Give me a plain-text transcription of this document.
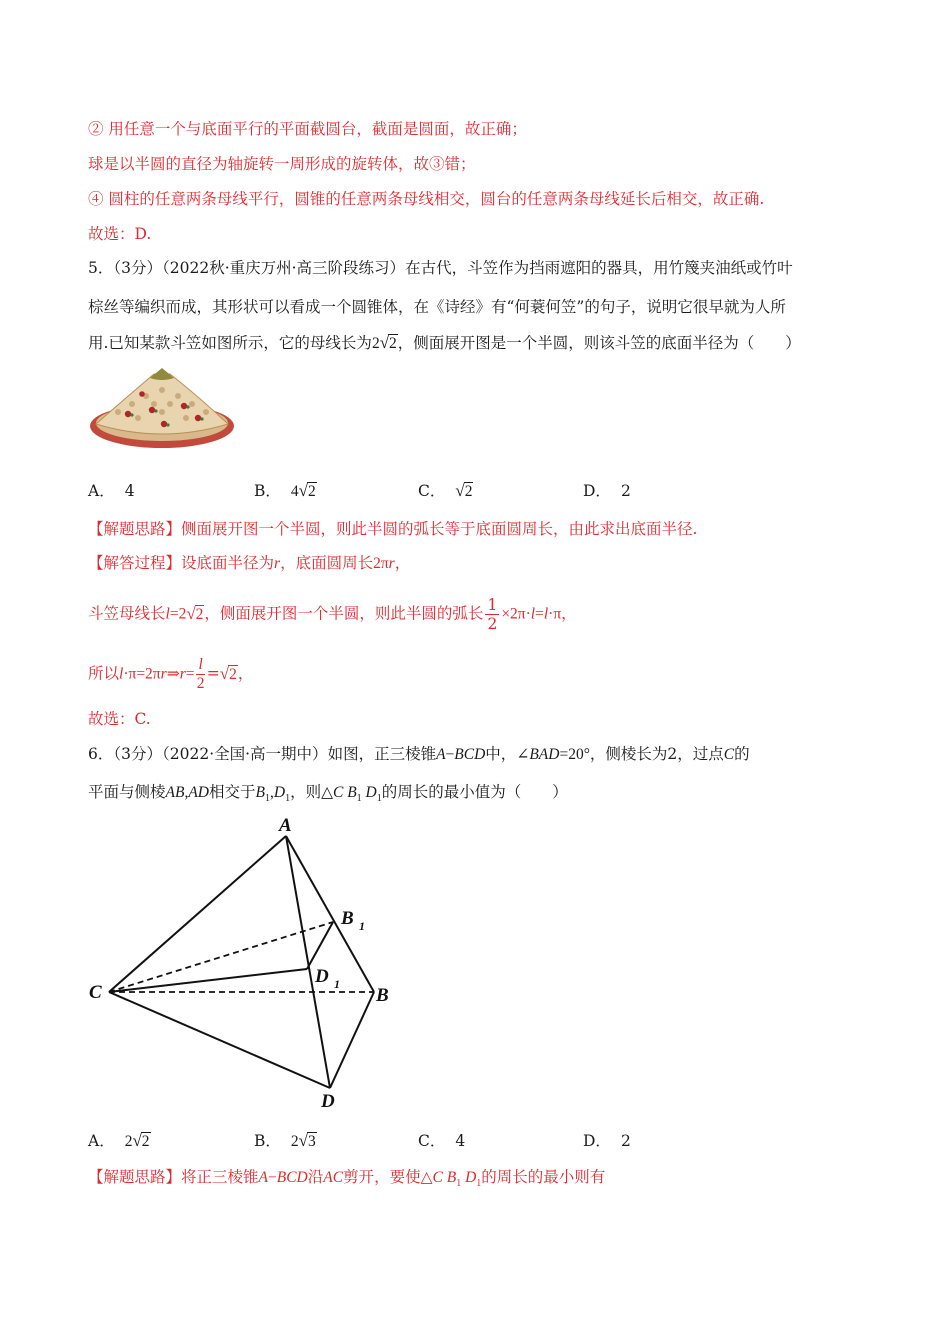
② 用任意一个与底面平行的平面截圆台，截面是圆面，故正确；
球是以半圆的直径为轴旋转一周形成的旋转体，故③错；
④ 圆柱的任意两条母线平行，圆锥的任意两条母线相交，圆台的任意两条母线延长后相交，故正确.
故选：D.
5．（3分）（2022秋·重庆万州·高三阶段练习）在古代，斗笠作为挡雨遮阳的器具，用竹篾夹油纸或竹叶
棕丝等编织而成，其形状可以看成一个圆锥体，在《诗经》有“何蓑何笠”的句子，说明它很早就为人所
用.已知某款斗笠如图所示，它的母线长为2√2，侧面展开图是一个半圆，则该斗笠的底面半径为（　　）
A． 4	B． 4√2	C． √2	D． 2
【解题思路】侧面展开图一个半圆，则此半圆的弧长等于底面圆周长，由此求出底面半径.
【解答过程】设底面半径为r，底面圆周长2πr，
斗笠母线长l=2√2，侧面展开图一个半圆，则此半圆的弧长 $\frac{1}{2} \times 2\pi\cdot l=l\cdot\pi$，
所以l·π=2πr⇒r= $\frac{l}{2} =√2$，
故选：C.
6．（3分）（2022·全国·高一期中）如图，正三棱锥A−BCD中，∠BAD=20°，侧棱长为2，过点C的
平面与侧棱AB,AD相交于$B_1,D_1$，则△C $B_1$ $D_1$的周长的最小值为（　　）
A
B 1
C
D 1
B
D
A． 2√2	B． 2√3	C． 4	D． 2
【解题思路】将正三棱锥A−BCD沿AC剪开，要使△C $B_1$ $D_1$的周长的最小则有
